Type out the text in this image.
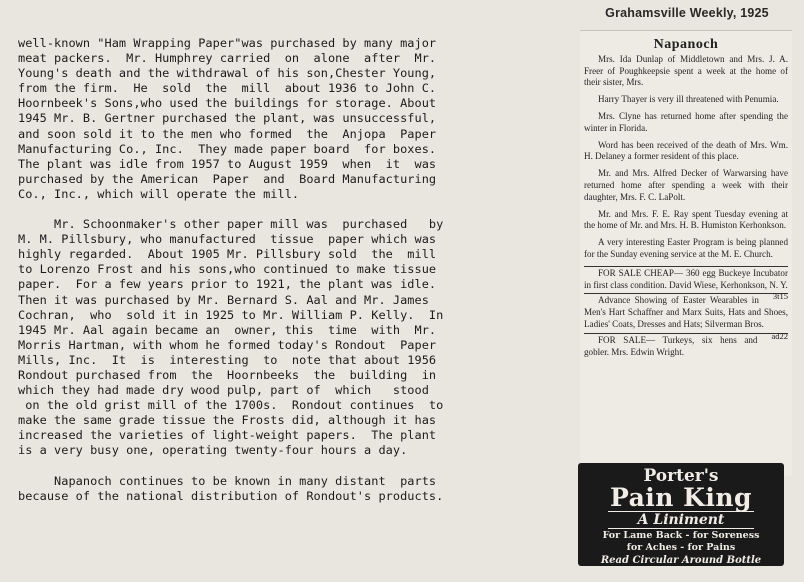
well-known "Ham Wrapping Paper"was purchased by many major
meat packers.  Mr. Humphrey carried  on  alone  after  Mr.
Young's death and the withdrawal of his son,Chester Young,
from the firm.  He  sold  the  mill  about 1936 to John C.
Hoornbeek's Sons,who used the buildings for storage. About
1945 Mr. B. Gertner purchased the plant, was unsuccessful,
and soon sold it to the men who formed  the  Anjopa  Paper
Manufacturing Co., Inc.  They made paper board  for boxes.
The plant was idle from 1957 to August 1959  when  it  was
purchased by the American  Paper  and  Board Manufacturing
Co., Inc., which will operate the mill.
Mr. Schoonmaker's other paper mill was  purchased   by
M. M. Pillsbury, who manufactured  tissue  paper which was
highly regarded.  About 1905 Mr. Pillsbury sold  the  mill
to Lorenzo Frost and his sons,who continued to make tissue
paper.  For a few years prior to 1921, the plant was idle.
Then it was purchased by Mr. Bernard S. Aal and Mr. James
Cochran,  who  sold it in 1925 to Mr. William P. Kelly.  In
1945 Mr. Aal again became an  owner, this  time  with  Mr.
Morris Hartman, with whom he formed today's Rondout  Paper
Mills, Inc.  It  is  interesting  to  note that about 1956
Rondout purchased from  the  Hoornbeeks  the  building  in
which they had made dry wood pulp, part of  which   stood
on the old grist mill of the 1700s.  Rondout continues  to
make the same grade tissue the Frosts did, although it has
increased the varieties of light-weight papers.  The plant
is a very busy one, operating twenty-four hours a day.
Napanoch continues to be known in many distant  parts
because of the national distribution of Rondout's products.
Grahamsville Weekly, 1925
Napanoch
Mrs. Ida Dunlap of Middletown and Mrs. J. A. Freer of Poughkeepsie spent a week at the home of their sister, Mrs.
Harry Thayer is very ill threatened with Penumia.
Mrs. Clyne has returned home after spending the winter in Florida.
Word has been received of the death of Mrs. Wm. H. Delaney a former resident of this place.
Mr. and Mrs. Alfred Decker of Warwarsing have returned home after spending a week with their daughter, Mrs. F. C. LaPolt.
Mr. and Mrs. F. E. Ray spent Tuesday evening at the home of Mr. and Mrs. H. B. Humiston Kerhonkson.
A very interesting Easter Program is being planned for the Sunday evening service at the M. E. Church.
FOR SALE CHEAP— 360 egg Buckeye Incubator in first class condition. David Wiese, Kerhonkson, N. Y.
3t15
Advance Showing of Easter Wearables in Men's Hart Schaffner and Marx Suits, Hats and Shoes, Ladies' Coats, Dresses and Hats; Silverman Bros.
ad22
FOR SALE— Turkeys, six hens and gobler. Mrs. Edwin Wright.
Porter's
Pain King
A Liniment
For Lame Back - for Soreness
for Aches - for Pains
Read Circular Around Bottle
